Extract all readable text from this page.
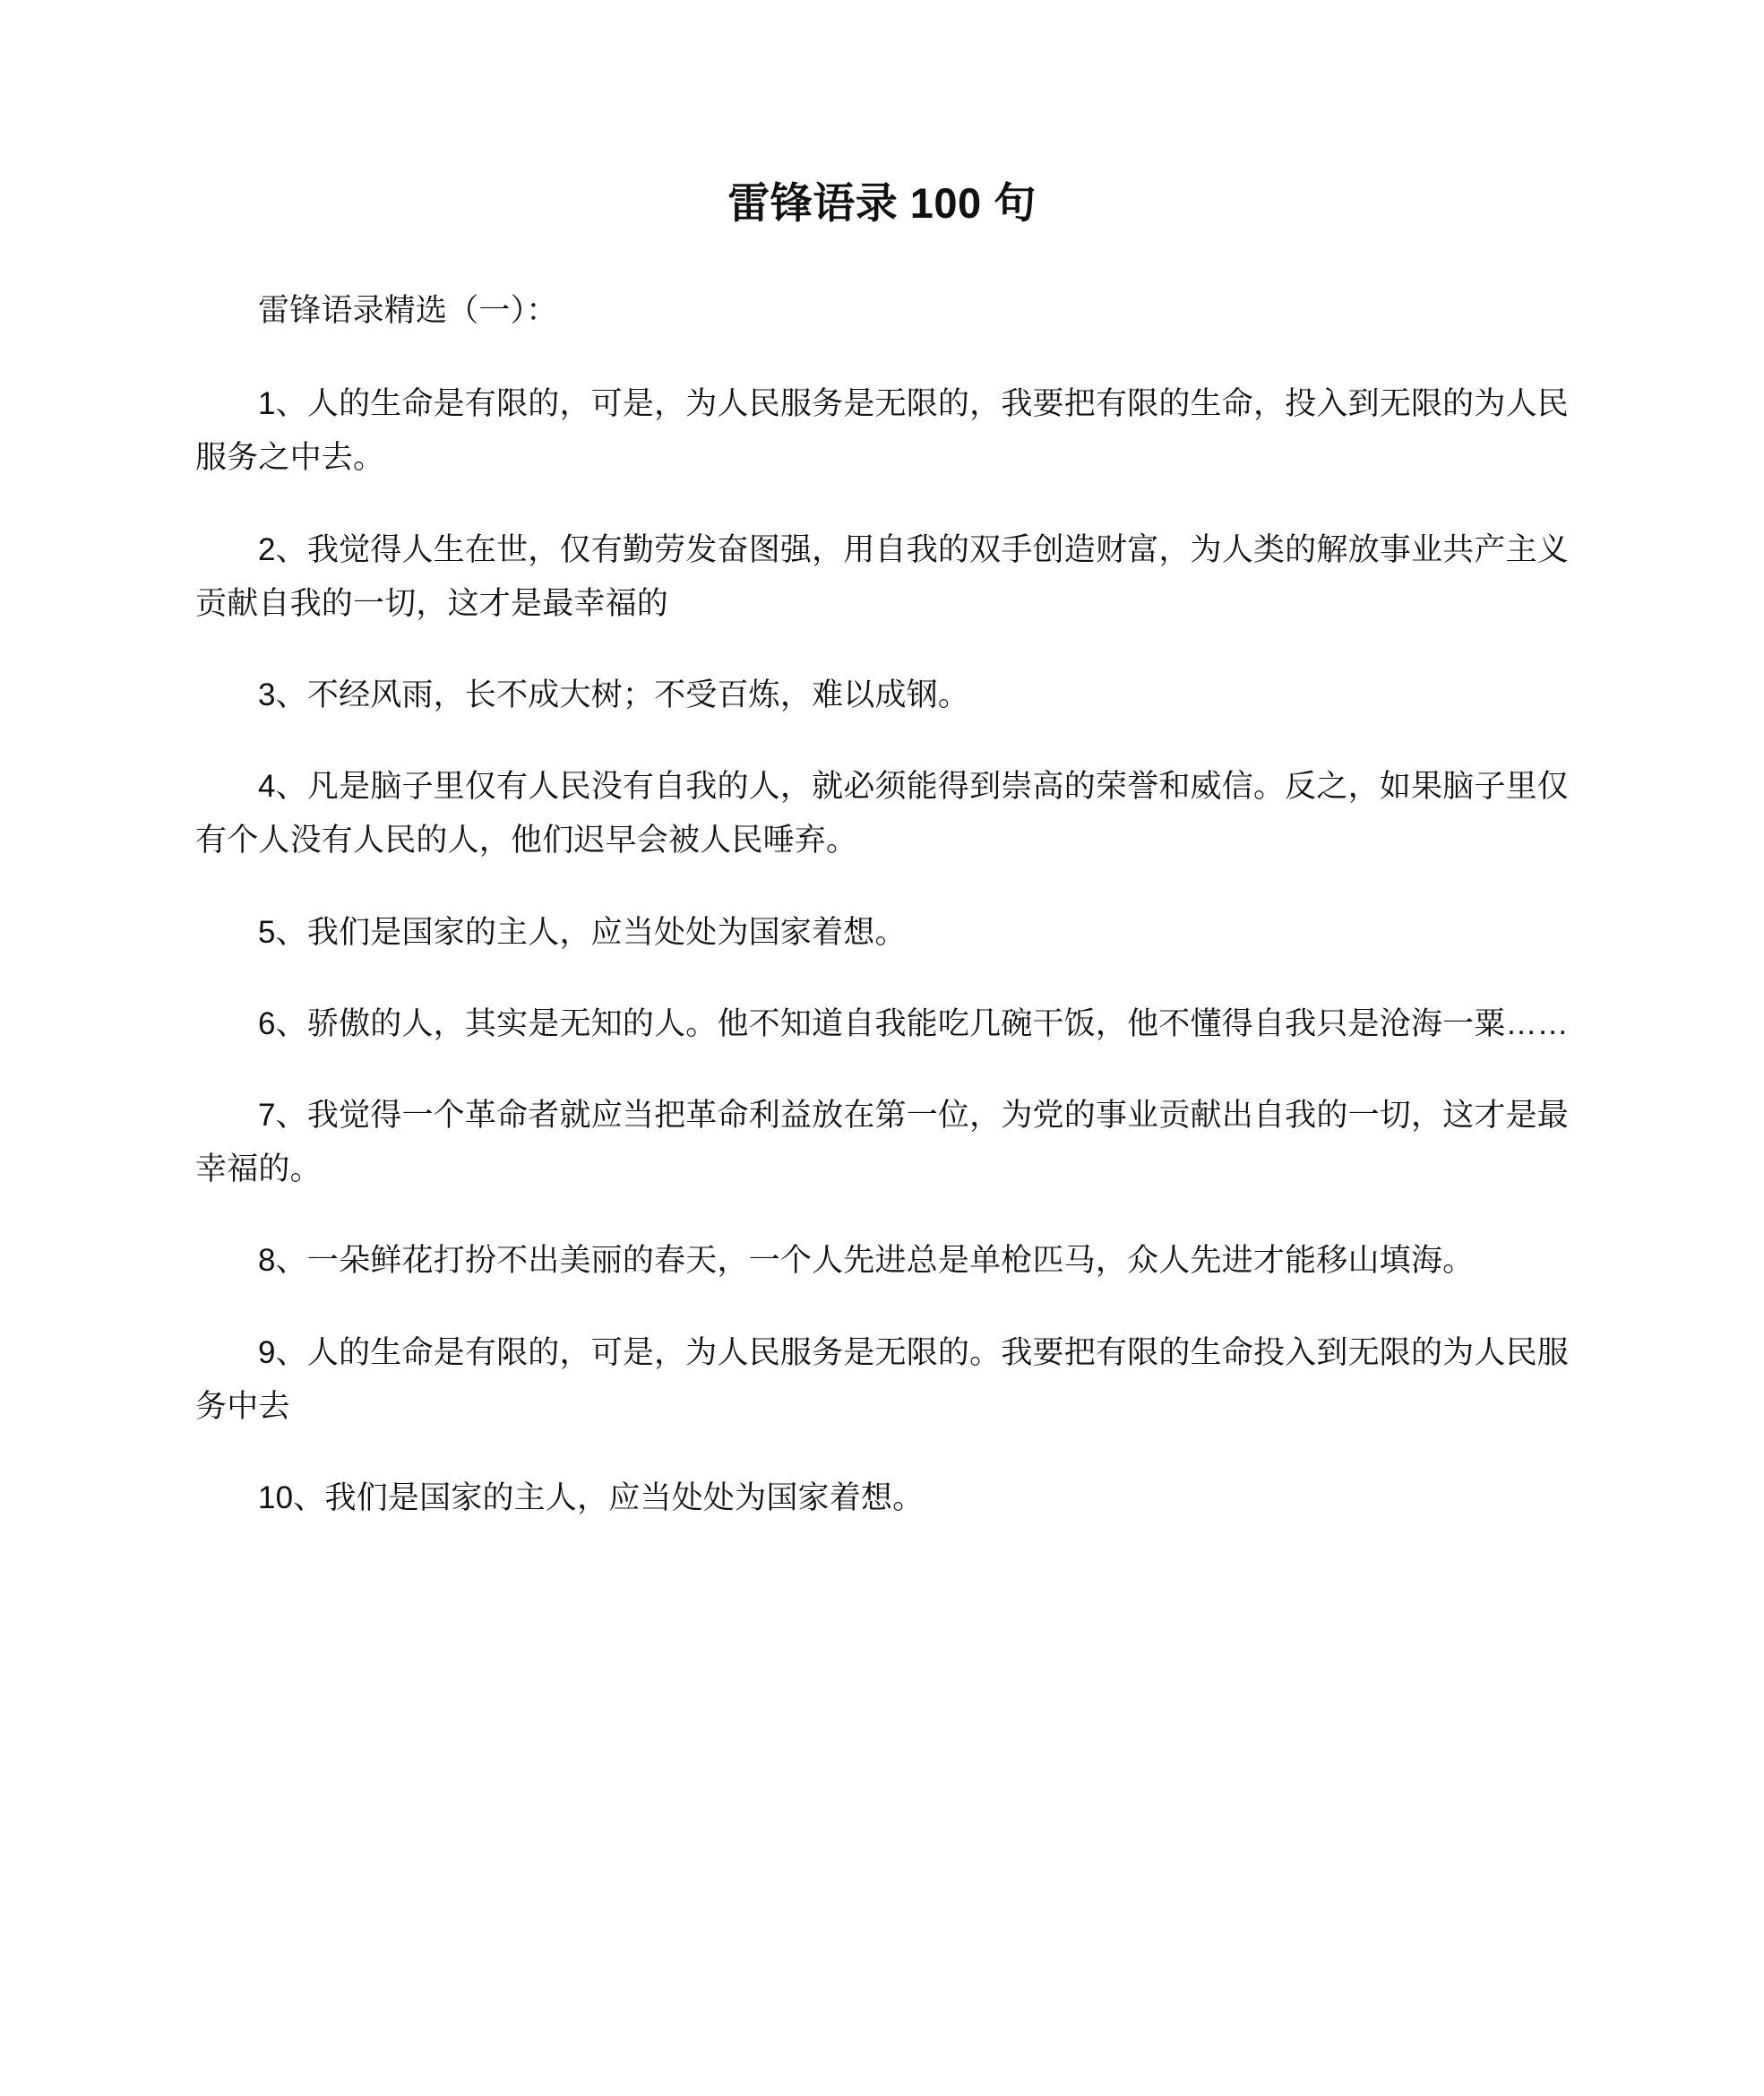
雷锋语录 100 句

雷锋语录精选（一）：

1、人的生命是有限的，可是，为人民服务是无限的，我要把有限的生命，投入到无限的为人民服务之中去。

2、我觉得人生在世，仅有勤劳发奋图强，用自我的双手创造财富，为人类的解放事业共产主义贡献自我的一切，这才是最幸福的

3、不经风雨，长不成大树；不受百炼，难以成钢。

4、凡是脑子里仅有人民没有自我的人，就必须能得到崇高的荣誉和威信。反之，如果脑子里仅有个人没有人民的人，他们迟早会被人民唾弃。

5、我们是国家的主人，应当处处为国家着想。

6、骄傲的人，其实是无知的人。他不知道自我能吃几碗干饭，他不懂得自我只是沧海一粟……

7、我觉得一个革命者就应当把革命利益放在第一位，为党的事业贡献出自我的一切，这才是最幸福的。

8、一朵鲜花打扮不出美丽的春天，一个人先进总是单枪匹马，众人先进才能移山填海。

9、人的生命是有限的，可是，为人民服务是无限的。我要把有限的生命投入到无限的为人民服务中去

10、我们是国家的主人，应当处处为国家着想。
